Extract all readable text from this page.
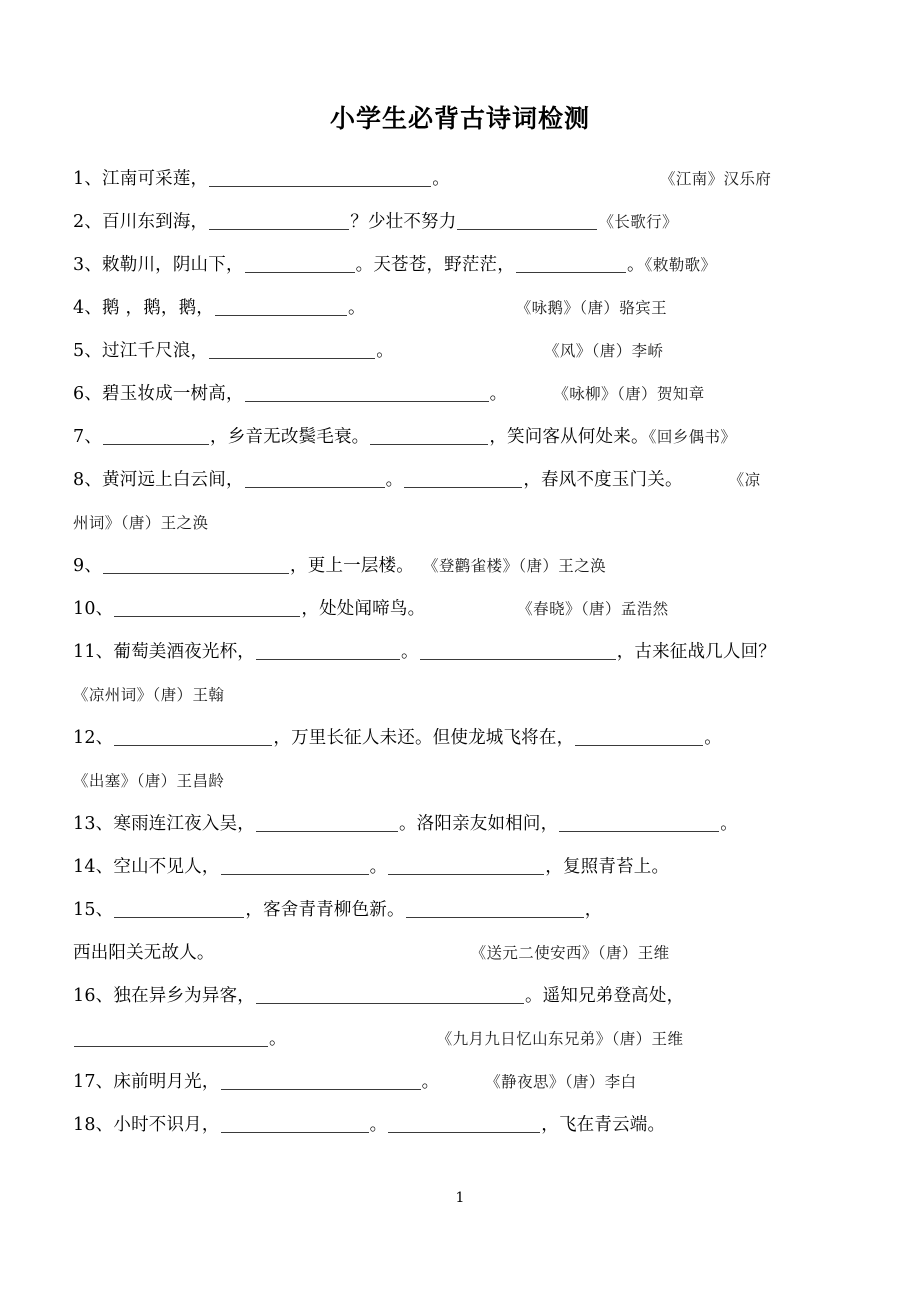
小学生必背古诗词检测
1、江南可采莲，	。	《江南》汉乐府
2、百川东到海，	？少壮不努力	《长歌行》
3、敕勒川，阴山下，	。天苍苍，野茫茫，	。《敕勒歌》
4、鹅 ，鹅，鹅，	。	《咏鹅》（唐）骆宾王
5、过江千尺浪，	。	《风》（唐）李峤
6、碧玉妆成一树高，	。	《咏柳》（唐）贺知章
7、	，乡音无改鬓毛衰。	，笑问客从何处来。《回乡偶书》
8、黄河远上白云间，	。	，春风不度玉门关。	《凉
州词》（唐）王之涣
9、	，更上一层楼。 《登鹳雀楼》（唐）王之涣
10、	，处处闻啼鸟。	《春晓》（唐）孟浩然
11、葡萄美酒夜光杯，	。	，古来征战几人回？
《凉州词》（唐）王翰
12、	，万里长征人未还。但使龙城飞将在，	。
《出塞》（唐）王昌龄
13、寒雨连江夜入吴，	。洛阳亲友如相问，	。
14、空山不见人，	。	，复照青苔上。
15、	，客舍青青柳色新。	，
西出阳关无故人。	《送元二使安西》（唐）王维
16、独在异乡为异客，	。遥知兄弟登高处，
。	《九月九日忆山东兄弟》（唐）王维
17、床前明月光，	。	《静夜思》（唐）李白
18、小时不识月，	。	，飞在青云端。
1
